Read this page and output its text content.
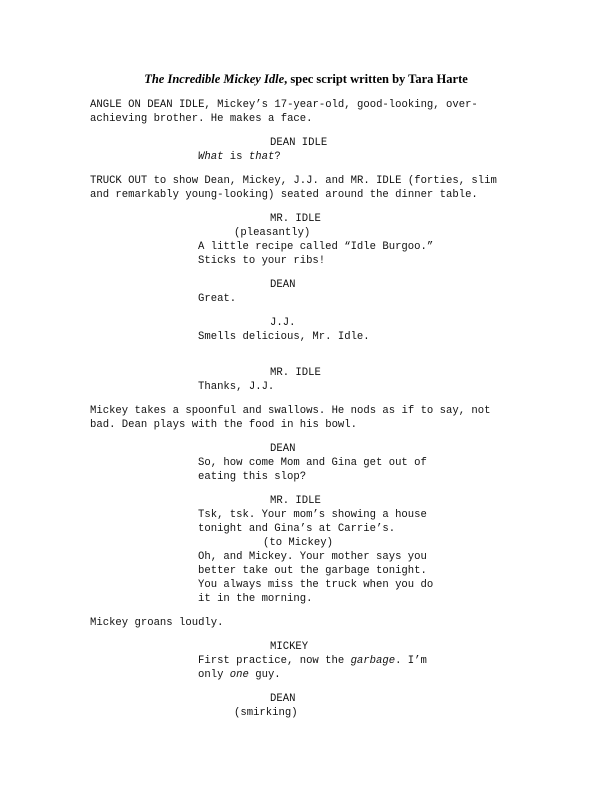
The Incredible Mickey Idle, spec script written by Tara Harte
ANGLE ON DEAN IDLE, Mickey’s 17-year-old, good-looking, over-
achieving brother. He makes a face.
DEAN IDLE
What is that?
TRUCK OUT to show Dean, Mickey, J.J. and MR. IDLE (forties, slim
and remarkably young-looking) seated around the dinner table.
MR. IDLE
(pleasantly)
A little recipe called “Idle Burgoo.”
Sticks to your ribs!
DEAN
Great.
J.J.
Smells delicious, Mr. Idle.
MR. IDLE
Thanks, J.J.
Mickey takes a spoonful and swallows. He nods as if to say, not
bad. Dean plays with the food in his bowl.
DEAN
So, how come Mom and Gina get out of
eating this slop?
MR. IDLE
Tsk, tsk. Your mom’s showing a house
tonight and Gina’s at Carrie’s.
(to Mickey)
Oh, and Mickey. Your mother says you
better take out the garbage tonight.
You always miss the truck when you do
it in the morning.
Mickey groans loudly.
MICKEY
First practice, now the garbage. I’m
only one guy.
DEAN
(smirking)
